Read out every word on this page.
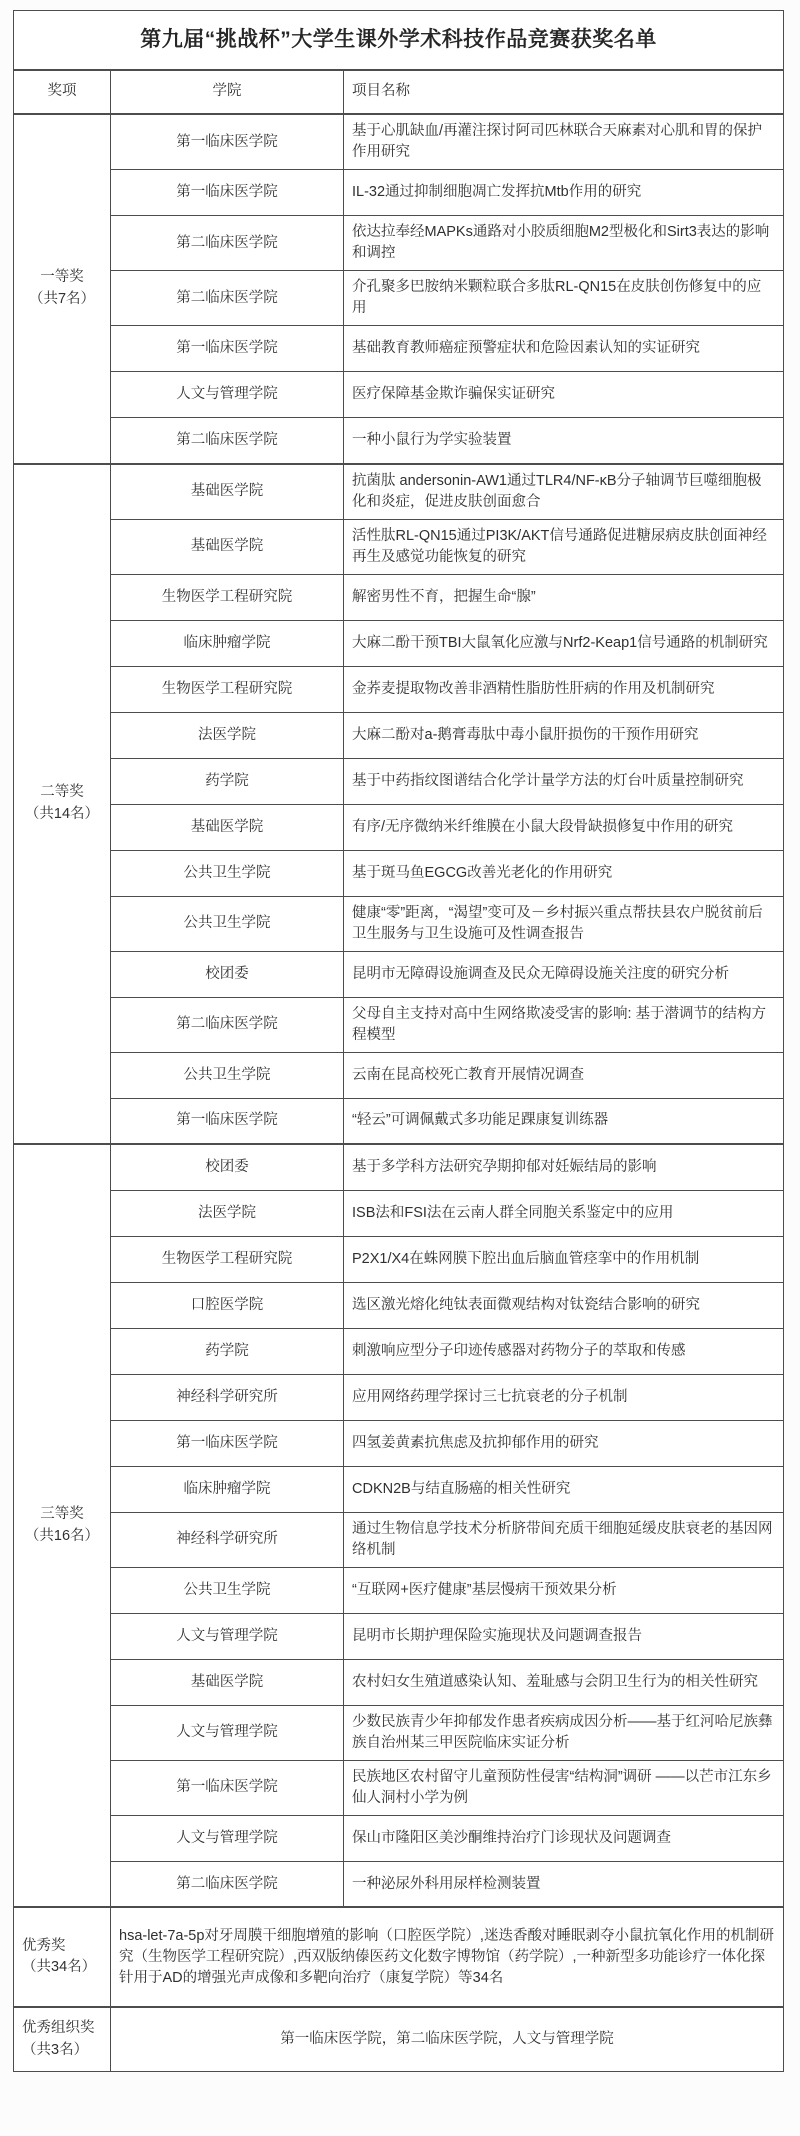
第九届“挑战杯”大学生课外学术科技作品竞赛获奖名单		
奖项	学院	项目名称

一等奖
（共7名）	第一临床医学院	基于心肌缺血/再灌注探讨阿司匹林联合天麻素对心肌和胃的保护作用研究
	第一临床医学院	IL-32通过抑制细胞凋亡发挥抗Mtb作用的研究
	第二临床医学院	依达拉奉经MAPKs通路对小胶质细胞M2型极化和Sirt3表达的影响和调控
	第二临床医学院	介孔聚多巴胺纳米颗粒联合多肽RL-QN15在皮肤创伤修复中的应用
	第一临床医学院	基础教育教师癌症预警症状和危险因素认知的实证研究
	人文与管理学院	医疗保障基金欺诈骗保实证研究
	第二临床医学院	一种小鼠行为学实验装置

二等奖
（共14名）	基础医学院	抗菌肽 andersonin-AW1通过TLR4/NF-κB分子轴调节巨噬细胞极化和炎症，促进皮肤创面愈合
	基础医学院	活性肽RL-QN15通过PI3K/AKT信号通路促进糖尿病皮肤创面神经再生及感觉功能恢复的研究
	生物医学工程研究院	解密男性不育，把握生命“腺”
	临床肿瘤学院	大麻二酚干预TBI大鼠氧化应激与Nrf2-Keap1信号通路的机制研究
	生物医学工程研究院	金荞麦提取物改善非酒精性脂肪性肝病的作用及机制研究
	法医学院	大麻二酚对a-鹅膏毒肽中毒小鼠肝损伤的干预作用研究
	药学院	基于中药指纹图谱结合化学计量学方法的灯台叶质量控制研究
	基础医学院	有序/无序微纳米纤维膜在小鼠大段骨缺损修复中作用的研究
	公共卫生学院	基于斑马鱼EGCG改善光老化的作用研究
	公共卫生学院	健康“零”距离，“渴望”变可及－乡村振兴重点帮扶县农户脱贫前后卫生服务与卫生设施可及性调查报告
	校团委	昆明市无障碍设施调查及民众无障碍设施关注度的研究分析
	第二临床医学院	父母自主支持对高中生网络欺凌受害的影响: 基于潜调节的结构方程模型
	公共卫生学院	云南在昆高校死亡教育开展情况调查
	第一临床医学院	“轻云”可调佩戴式多功能足踝康复训练器

三等奖
（共16名）	校团委	基于多学科方法研究孕期抑郁对妊娠结局的影响
	法医学院	ISB法和FSI法在云南人群全同胞关系鉴定中的应用
	生物医学工程研究院	P2X1/X4在蛛网膜下腔出血后脑血管痉挛中的作用机制
	口腔医学院	选区激光熔化纯钛表面微观结构对钛瓷结合影响的研究
	药学院	刺激响应型分子印迹传感器对药物分子的萃取和传感
	神经科学研究所	应用网络药理学探讨三七抗衰老的分子机制
	第一临床医学院	四氢姜黄素抗焦虑及抗抑郁作用的研究
	临床肿瘤学院	CDKN2B与结直肠癌的相关性研究
	神经科学研究所	通过生物信息学技术分析脐带间充质干细胞延缓皮肤衰老的基因网络机制
	公共卫生学院	“互联网+医疗健康”基层慢病干预效果分析
	人文与管理学院	昆明市长期护理保险实施现状及问题调查报告
	基础医学院	农村妇女生殖道感染认知、羞耻感与会阴卫生行为的相关性研究
	人文与管理学院	少数民族青少年抑郁发作患者疾病成因分析——基于红河哈尼族彝族自治州某三甲医院临床实证分析
	第一临床医学院	民族地区农村留守儿童预防性侵害“结构洞”调研 ——以芒市江东乡仙人洞村小学为例
	人文与管理学院	保山市隆阳区美沙酮维持治疗门诊现状及问题调查
	第二临床医学院	一种泌尿外科用尿样检测装置

优秀奖
（共34名）	hsa-let-7a-5p对牙周膜干细胞增殖的影响（口腔医学院）,迷迭香酸对睡眠剥夺小鼠抗氧化作用的机制研究（生物医学工程研究院）,西双版纳傣医药文化数字博物馆（药学院）,一种新型多功能诊疗一体化探针用于AD的增强光声成像和多靶向治疗（康复学院）等34名	

优秀组织奖
（共3名）	第一临床医学院，第二临床医学院，人文与管理学院	
